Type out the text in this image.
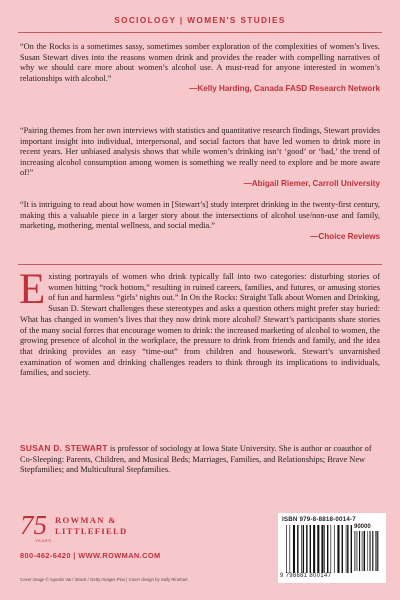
SOCIOLOGY | WOMEN'S STUDIES
“On the Rocks is a sometimes sassy, sometimes somber exploration of the complexities of women’s lives. Susan Stewart dives into the reasons women drink and provides the reader with compelling narratives of why we should care more about women’s alcohol use. A must-read for anyone interested in women’s relationships with alcohol.”
—Kelly Harding, Canada FASD Research Network
“Pairing themes from her own interviews with statistics and quantitative research findings, Stewart provides important insight into individual, interpersonal, and social factors that have led women to drink more in recent years. Her unbiased analysis shows that while women’s drinking isn’t ‘good’ or ‘bad,’ the trend of increasing alcohol consumption among women is something we really need to explore and be more aware of!”
—Abigail Riemer, Carroll University
“It is intriguing to read about how women in [Stewart’s] study interpret drinking in the twenty-first century, making this a valuable piece in a larger story about the intersections of alcohol use/non-use and family, marketing, mothering, mental wellness, and social media.”
—Choice Reviews
E xisting portrayals of women who drink typically fall into two categories: disturbing stories of women hitting “rock bottom,” resulting in ruined careers, families, and futures, or amusing stories of fun and harmless “girls’ nights out.” In On the Rocks: Straight Talk about Women and Drinking, Susan D. Stewart challenges these stereotypes and asks a question others might prefer stay buried: What has changed in women’s lives that they now drink more alcohol? Stewart’s participants share stories of the many social forces that encourage women to drink: the increased marketing of alcohol to women, the growing presence of alcohol in the workplace, the pressure to drink from friends and family, and the idea that drinking provides an easy “time-out” from children and housework. Stewart’s unvarnished examination of women and drinking challenges readers to think through its implications to individuals, families, and society.
SUSAN D. STEWART is professor of sociology at Iowa State University. She is author or coauthor of Co-Sleeping: Parents, Children, and Musical Beds; Marriages, Families, and Relationships; Brave New Stepfamilies; and Multicultural Stepfamilies.
75
YEARS
ROWMAN &
LITTLEFIELD
800-462-6420 | WWW.ROWMAN.COM
Cover image © Agustin Vai / iStock / Getty Images Plus | Cover design by Sally Rinehart
ISBN 979-8-8818-0014-7
90000
9 798881 800147
